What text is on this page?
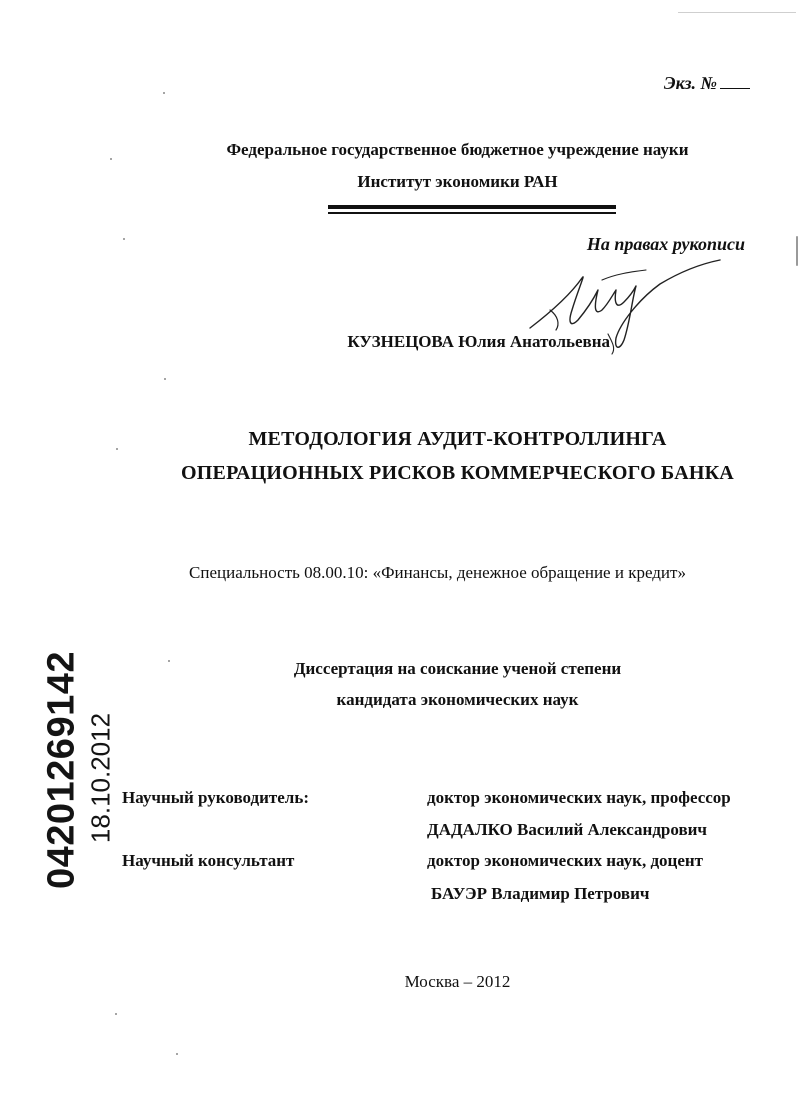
Экз. №
Федеральное государственное бюджетное учреждение науки
Институт экономики РАН
На правах рукописи
КУЗНЕЦОВА Юлия Анатольевна
МЕТОДОЛОГИЯ АУДИТ-КОНТРОЛЛИНГА
ОПЕРАЦИОННЫХ РИСКОВ КОММЕРЧЕСКОГО БАНКА
Специальность 08.00.10: «Финансы, денежное обращение и кредит»
Диссертация на соискание ученой степени
кандидата экономических наук
Научный руководитель:	доктор экономических наук, профессор
ДАДАЛКО Василий Александрович
Научный консультант	доктор экономических наук, доцент
БАУЭР Владимир Петрович
Москва – 2012
04201269142 18.10.2012
